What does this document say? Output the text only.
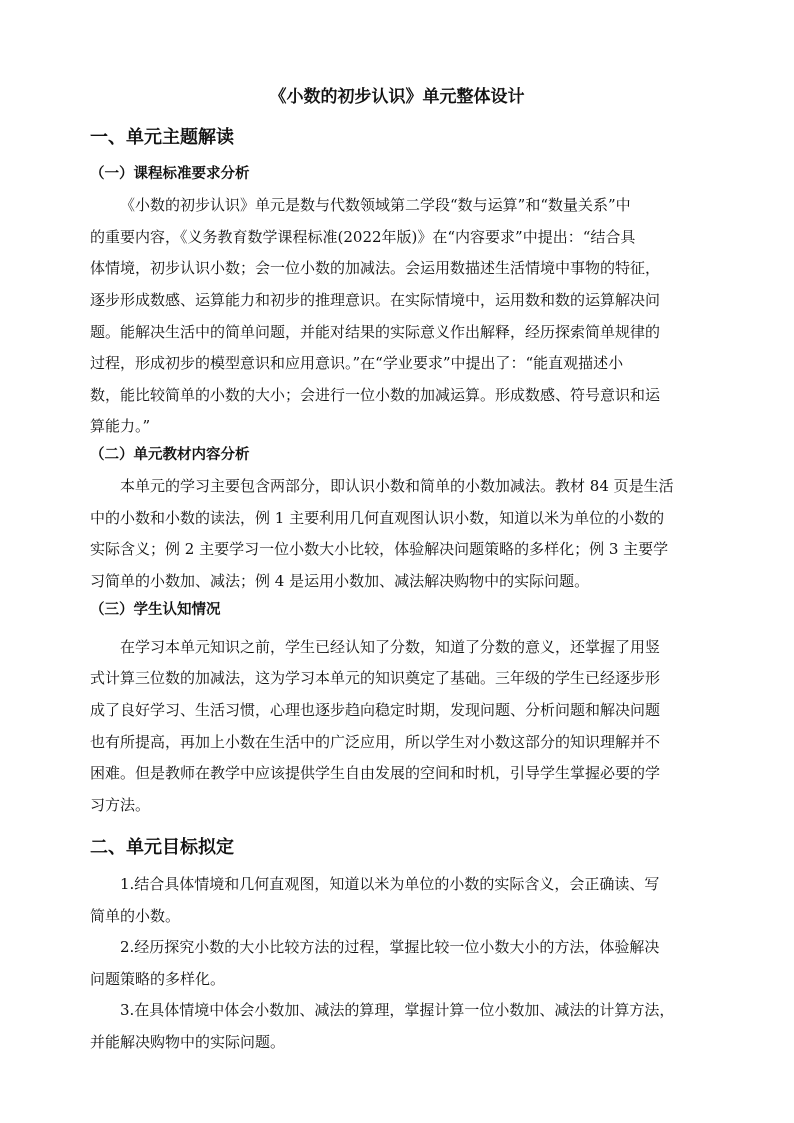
《小数的初步认识》单元整体设计
一、单元主题解读
（一）课程标准要求分析
《小数的初步认识》单元是数与代数领域第二学段“数与运算”和“数量关系”中
的重要内容，《义务教育数学课程标准(2022年版)》在“内容要求”中提出：“结合具
体情境，初步认识小数；会一位小数的加减法。会运用数描述生活情境中事物的特征，
逐步形成数感、运算能力和初步的推理意识。在实际情境中，运用数和数的运算解决问
题。能解决生活中的简单问题，并能对结果的实际意义作出解释，经历探索简单规律的
过程，形成初步的模型意识和应用意识。”在“学业要求”中提出了：“能直观描述小
数，能比较简单的小数的大小；会进行一位小数的加减运算。形成数感、符号意识和运
算能力。”
（二）单元教材内容分析
本单元的学习主要包含两部分，即认识小数和简单的小数加减法。教材 84 页是生活
中的小数和小数的读法，例 1 主要利用几何直观图认识小数，知道以米为单位的小数的
实际含义；例 2 主要学习一位小数大小比较，体验解决问题策略的多样化；例 3 主要学
习简单的小数加、减法；例 4 是运用小数加、减法解决购物中的实际问题。
（三）学生认知情况
在学习本单元知识之前，学生已经认知了分数，知道了分数的意义，还掌握了用竖
式计算三位数的加减法，这为学习本单元的知识奠定了基础。三年级的学生已经逐步形
成了良好学习、生活习惯，心理也逐步趋向稳定时期，发现问题、分析问题和解决问题
也有所提高，再加上小数在生活中的广泛应用，所以学生对小数这部分的知识理解并不
困难。但是教师在教学中应该提供学生自由发展的空间和时机，引导学生掌握必要的学
习方法。
二、单元目标拟定
1.结合具体情境和几何直观图，知道以米为单位的小数的实际含义，会正确读、写
简单的小数。
2.经历探究小数的大小比较方法的过程，掌握比较一位小数大小的方法，体验解决
问题策略的多样化。
3.在具体情境中体会小数加、减法的算理，掌握计算一位小数加、减法的计算方法，
并能解决购物中的实际问题。
